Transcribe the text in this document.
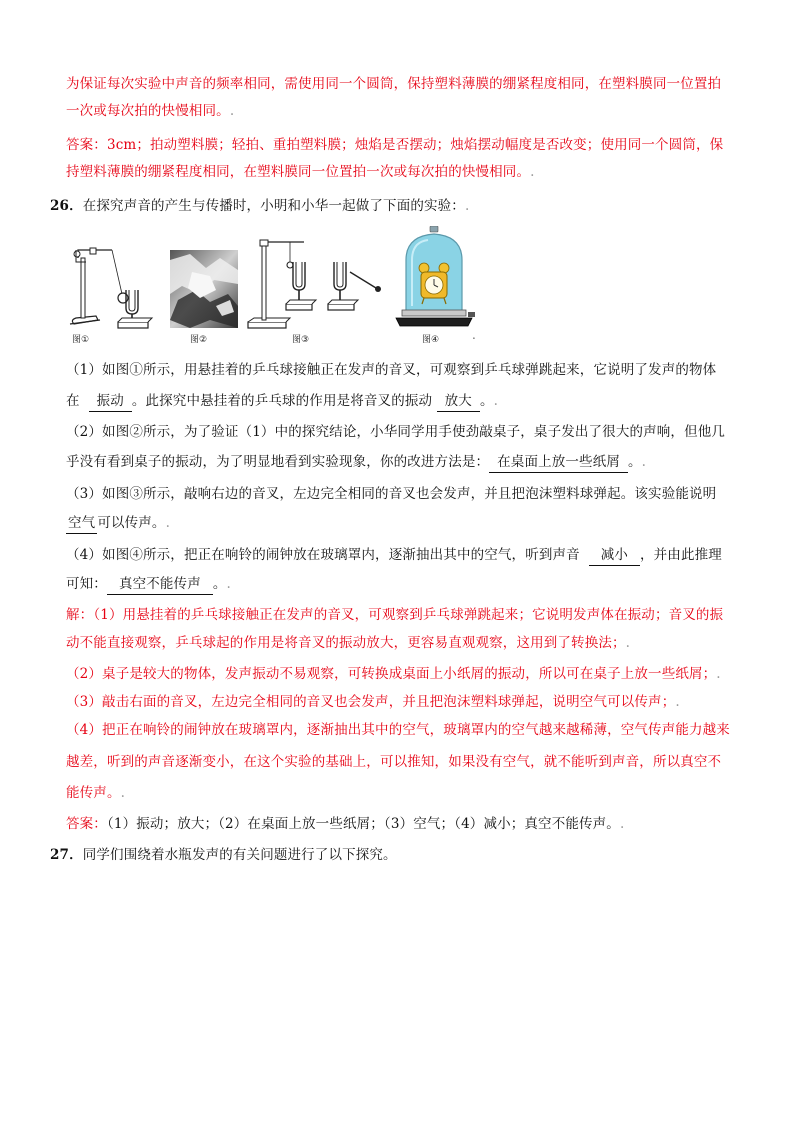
为保证每次实验中声音的频率相同，需使用同一个圆筒，保持塑料薄膜的绷紧程度相同，在塑料膜同一位置拍
一次或每次拍的快慢相同。.
答案：3cm；拍动塑料膜；轻拍、重拍塑料膜；烛焰是否摆动；烛焰摆动幅度是否改变；使用同一个圆筒，保
持塑料薄膜的绷紧程度相同，在塑料膜同一位置拍一次或每次拍的快慢相同。.
26．在探究声音的产生与传播时，小明和小华一起做了下面的实验：.
图①	图②	图③	图④	.
（1）如图①所示，用悬挂着的乒乓球接触正在发声的音叉，可观察到乒乓球弹跳起来，它说明了发声的物体
在 振动 。此探究中悬挂着的乒乓球的作用是将音叉的振动 放大 。.
（2）如图②所示，为了验证（1）中的探究结论，小华同学用手使劲敲桌子，桌子发出了很大的声响，但他几
乎没有看到桌子的振动，为了明显地看到实验现象，你的改进方法是： 在桌面上放一些纸屑 。.
（3）如图③所示，敲响右边的音叉，左边完全相同的音叉也会发声，并且把泡沫塑料球弹起。该实验能说明
空气 可以传声。.
（4）如图④所示，把正在响铃的闹钟放在玻璃罩内，逐渐抽出其中的空气，听到声音 减小 ，并由此推理
可知： 真空不能传声 。.
解：（1）用悬挂着的乒乓球接触正在发声的音叉，可观察到乒乓球弹跳起来；它说明发声体在振动；音叉的振
动不能直接观察，乒乓球起的作用是将音叉的振动放大，更容易直观观察，这用到了转换法；.
（2）桌子是较大的物体，发声振动不易观察，可转换成桌面上小纸屑的振动，所以可在桌子上放一些纸屑；.
（3）敲击右面的音叉，左边完全相同的音叉也会发声，并且把泡沫塑料球弹起，说明空气可以传声；.
（4）把正在响铃的闹钟放在玻璃罩内，逐渐抽出其中的空气，玻璃罩内的空气越来越稀薄，空气传声能力越来
越差，听到的声音逐渐变小，在这个实验的基础上，可以推知，如果没有空气，就不能听到声音，所以真空不
能传声。.
答案：（1）振动；放大；（2）在桌面上放一些纸屑；（3）空气；（4）减小；真空不能传声。.
27．同学们围绕着水瓶发声的有关问题进行了以下探究。
